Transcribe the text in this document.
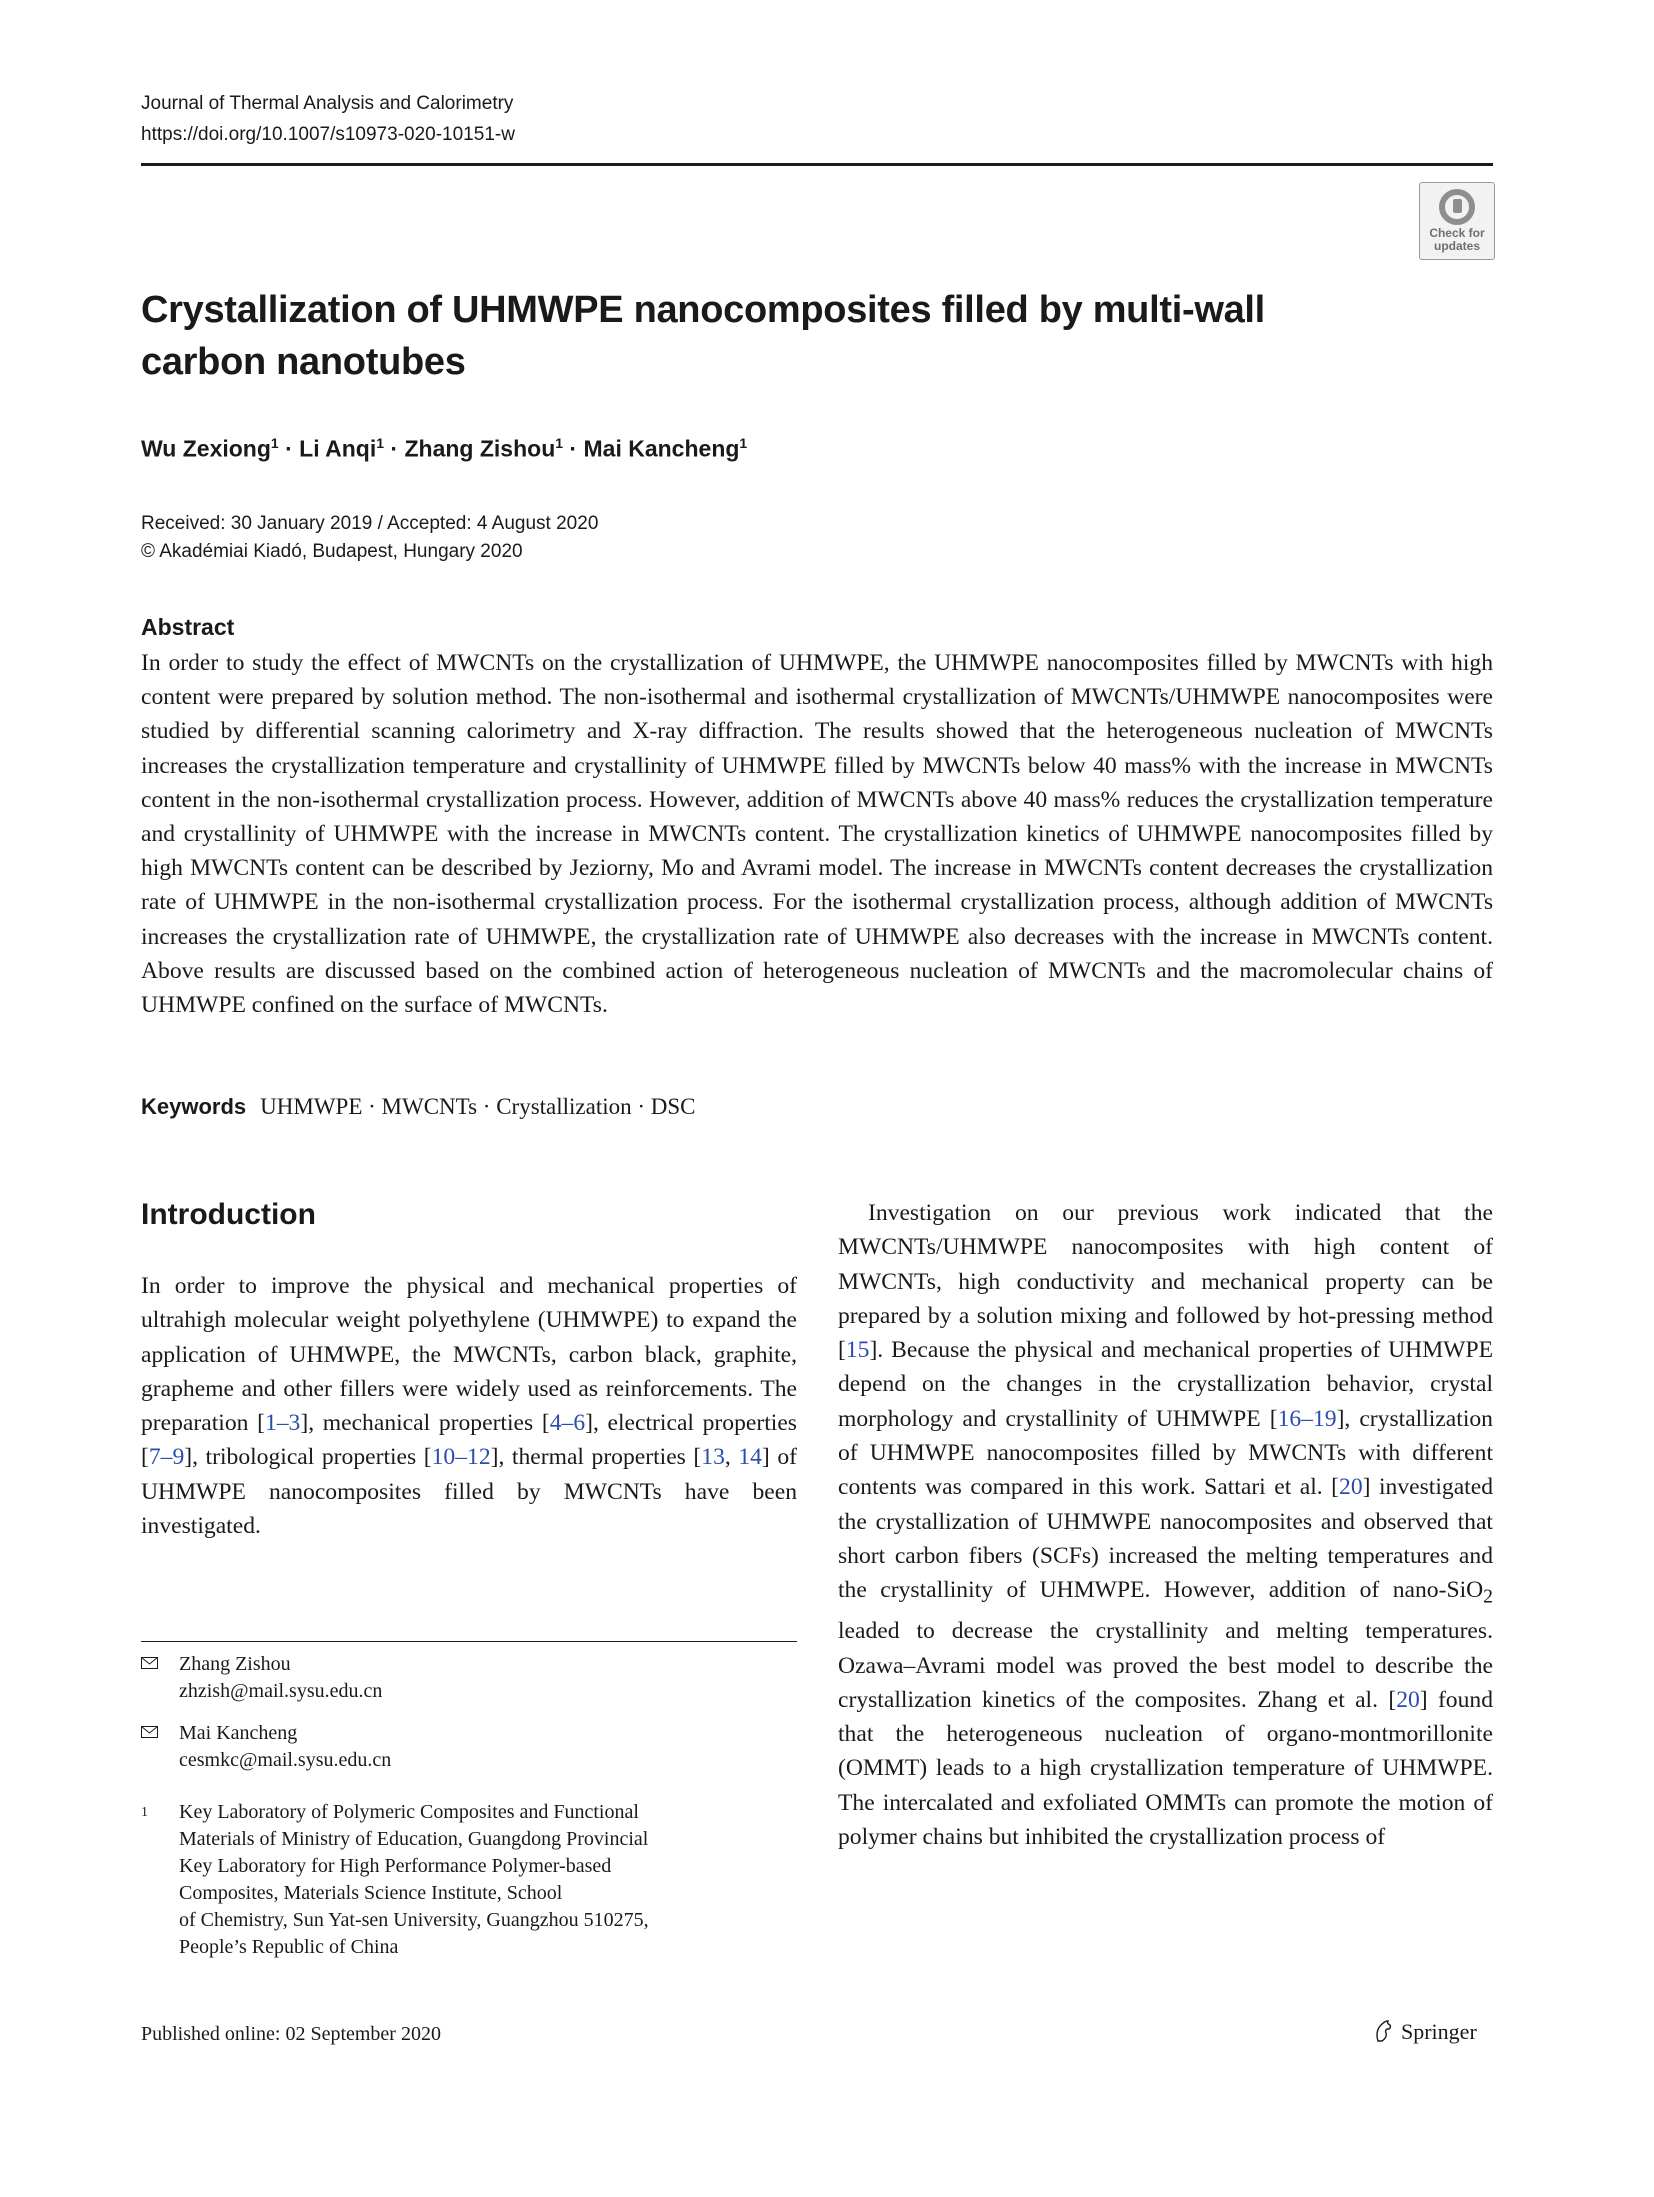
Journal of Thermal Analysis and Calorimetry
https://doi.org/10.1007/s10973-020-10151-w
Check for
updates
Crystallization of UHMWPE nanocomposites filled by multi‑wall carbon nanotubes
Wu Zexiong$^1$ · Li Anqi$^1$ · Zhang Zishou$^1$ · Mai Kancheng$^1$
Received: 30 January 2019 / Accepted: 4 August 2020
© Akadémiai Kiadó, Budapest, Hungary 2020
Abstract

In order to study the effect of MWCNTs on the crystallization of UHMWPE, the UHMWPE nanocomposites filled by MWCNTs with high content were prepared by solution method. The non-isothermal and isothermal crystallization of MWCNTs/UHMWPE nanocomposites were studied by differential scanning calorimetry and X-ray diffraction. The results showed that the heterogeneous nucleation of MWCNTs increases the crystallization temperature and crystallinity of UHMWPE filled by MWCNTs below 40 mass% with the increase in MWCNTs content in the non-isothermal crystallization process. However, addition of MWCNTs above 40 mass% reduces the crystallization temperature and crystallinity of UHMWPE with the increase in MWCNTs content. The crystallization kinetics of UHMWPE nanocomposites filled by high MWCNTs content can be described by Jeziorny, Mo and Avrami model. The increase in MWCNTs content decreases the crystallization rate of UHMWPE in the non-isothermal crystallization process. For the isothermal crystallization process, although addition of MWCNTs increases the crystallization rate of UHMWPE, the crystallization rate of UHMWPE also decreases with the increase in MWCNTs content. Above results are discussed based on the combined action of heterogeneous nucleation of MWCNTs and the macromolecular chains of UHMWPE confined on the surface of MWCNTs.

Keywords UHMWPE · MWCNTs · Crystallization · DSC
Introduction

In order to improve the physical and mechanical properties of ultrahigh molecular weight polyethylene (UHMWPE) to expand the application of UHMWPE, the MWCNTs, carbon black, graphite, grapheme and other fillers were widely used as reinforcements. The preparation [1–3], mechanical properties [4–6], electrical properties [7–9], tribological properties [10–12], thermal properties [13, 14] of UHMWPE nanocomposites filled by MWCNTs have been investigated.

Investigation on our previous work indicated that the MWCNTs/UHMWPE nanocomposites with high content of MWCNTs, high conductivity and mechanical property can be prepared by a solution mixing and followed by hot-pressing method [15]. Because the physical and mechanical properties of UHMWPE depend on the changes in the crystallization behavior, crystal morphology and crystallinity of UHMWPE [16–19], crystallization of UHMWPE nanocomposites filled by MWCNTs with different contents was compared in this work. Sattari et al. [20] investigated the crystallization of UHMWPE nanocomposites and observed that short carbon fibers (SCFs) increased the melting temperatures and the crystallinity of UHMWPE. However, addition of nano-SiO$_2$ leaded to decrease the crystallinity and melting temperatures. Ozawa–Avrami model was proved the best model to describe the crystallization kinetics of the composites. Zhang et al. [20] found that the heterogeneous nucleation of organo-montmorillonite (OMMT) leads to a high crystallization temperature of UHMWPE. The intercalated and exfoliated OMMTs can promote the motion of polymer chains but inhibited the crystallization process of

Zhang Zishou
zhzish@mail.sysu.edu.cn
Mai Kancheng
cesmkc@mail.sysu.edu.cn
1 Key Laboratory of Polymeric Composites and Functional
Materials of Ministry of Education, Guangdong Provincial
Key Laboratory for High Performance Polymer-based
Composites, Materials Science Institute, School
of Chemistry, Sun Yat-sen University, Guangzhou 510275,
People’s Republic of China
Published online: 02 September 2020	Springer
